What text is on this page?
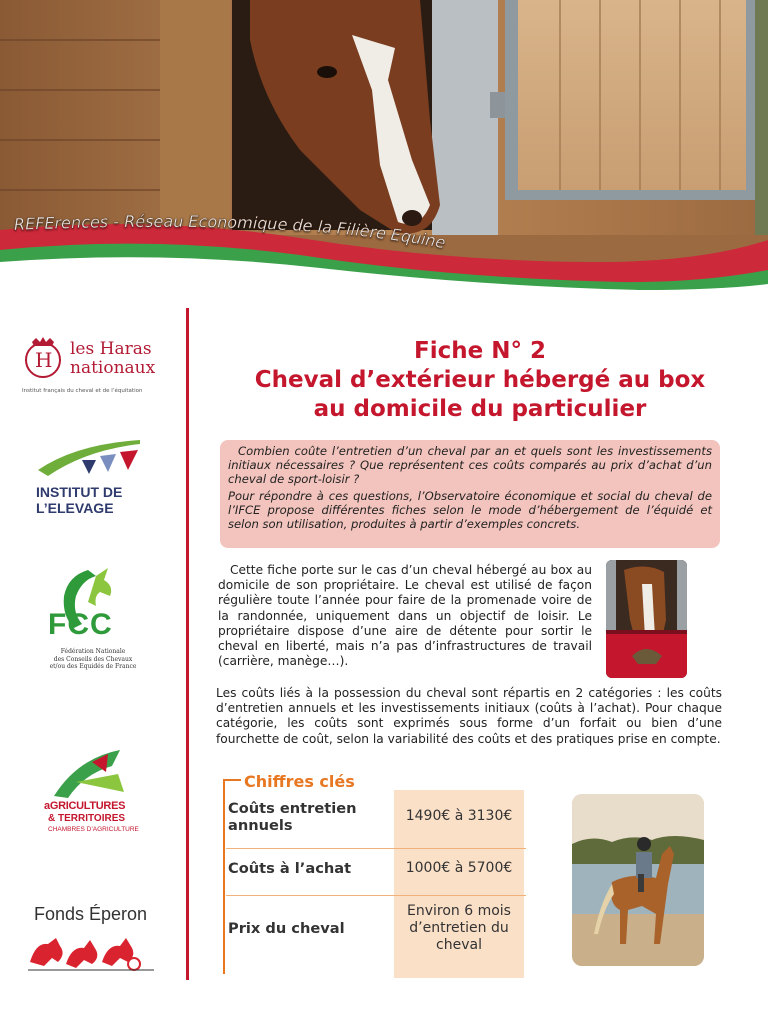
REFErences - Réseau Economique de la Filière Equine
H les Haras
nationaux
Institut français du cheval et de l’équitation
INSTITUT DE
L’ELEVAGE
FCC
Fédération Nationale
des Conseils des Chevaux
et/ou des Equidés de France
aGRICULTURES
& TERRITOIRES
CHAMBRES D’AGRICULTURE
Fonds Éperon
Fiche N° 2
Cheval d’extérieur hébergé au box
au domicile du particulier

Combien coûte l’entretien d’un cheval par an et quels sont les investissements initiaux nécessaires ? Que représentent ces coûts comparés au prix d’achat d’un cheval de sport-loisir ?

Pour répondre à ces questions, l’Observatoire économique et social du cheval de l’IFCE propose différentes fiches selon le mode d’hébergement de l’équidé et selon son utilisation, produites à partir d’exemples concrets.

Cette fiche porte sur le cas d’un cheval hébergé au box au domicile de son propriétaire. Le cheval est utilisé de façon régulière toute l’année pour faire de la promenade voire de la randonnée, uniquement dans un objectif de loisir. Le propriétaire dispose d’une aire de détente pour sortir le cheval en liberté, mais n’a pas d’infrastructures de travail (carrière, manège…).
Les coûts liés à la possession du cheval sont répartis en 2 catégories : les coûts d’entretien annuels et les investissements initiaux (coûts à l’achat). Pour chaque catégorie, les coûts sont exprimés sous forme d’un forfait ou bien d’une fourchette de coût, selon la variabilité des coûts et des pratiques prise en compte.
Chiffres clés
Coûts entretien
annuels
1490€ à 3130€
Coûts à l’achat	1000€ à 5700€
Prix du cheval
Environ 6 mois
d’entretien du
cheval
